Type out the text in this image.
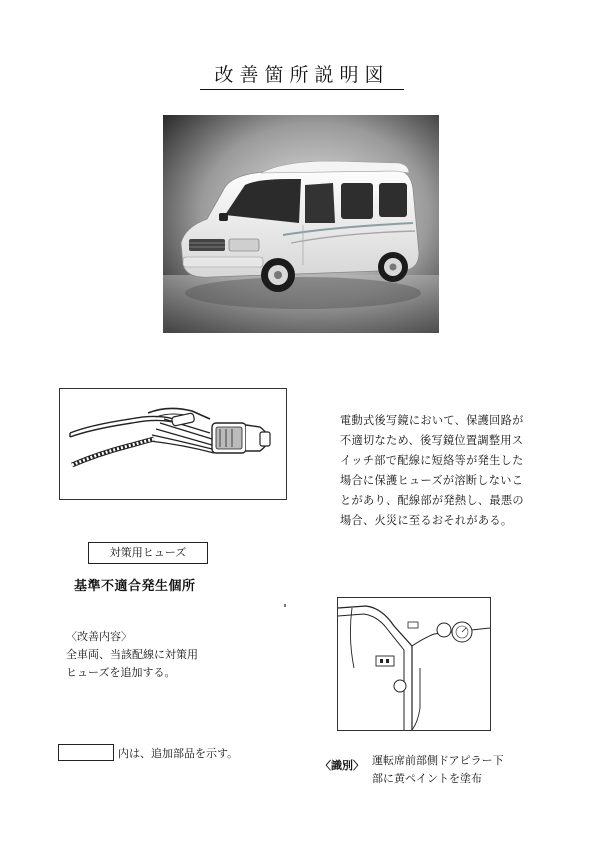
改善箇所説明図
電動式後写鏡において、保護回路が不適切なため、後写鏡位置調整用スイッチ部で配線に短絡等が発生した場合に保護ヒューズが溶断しないことがあり、配線部が発熱し、最悪の場合、火災に至るおそれがある。
対策用ヒューズ
基準不適合発生個所
〈改善内容〉
全車両、当該配線に対策用
ヒューズを追加する。
内は、追加部品を示す。
〈識別〉 運転席前部側ドアピラー下
部に黄ペイントを塗布
